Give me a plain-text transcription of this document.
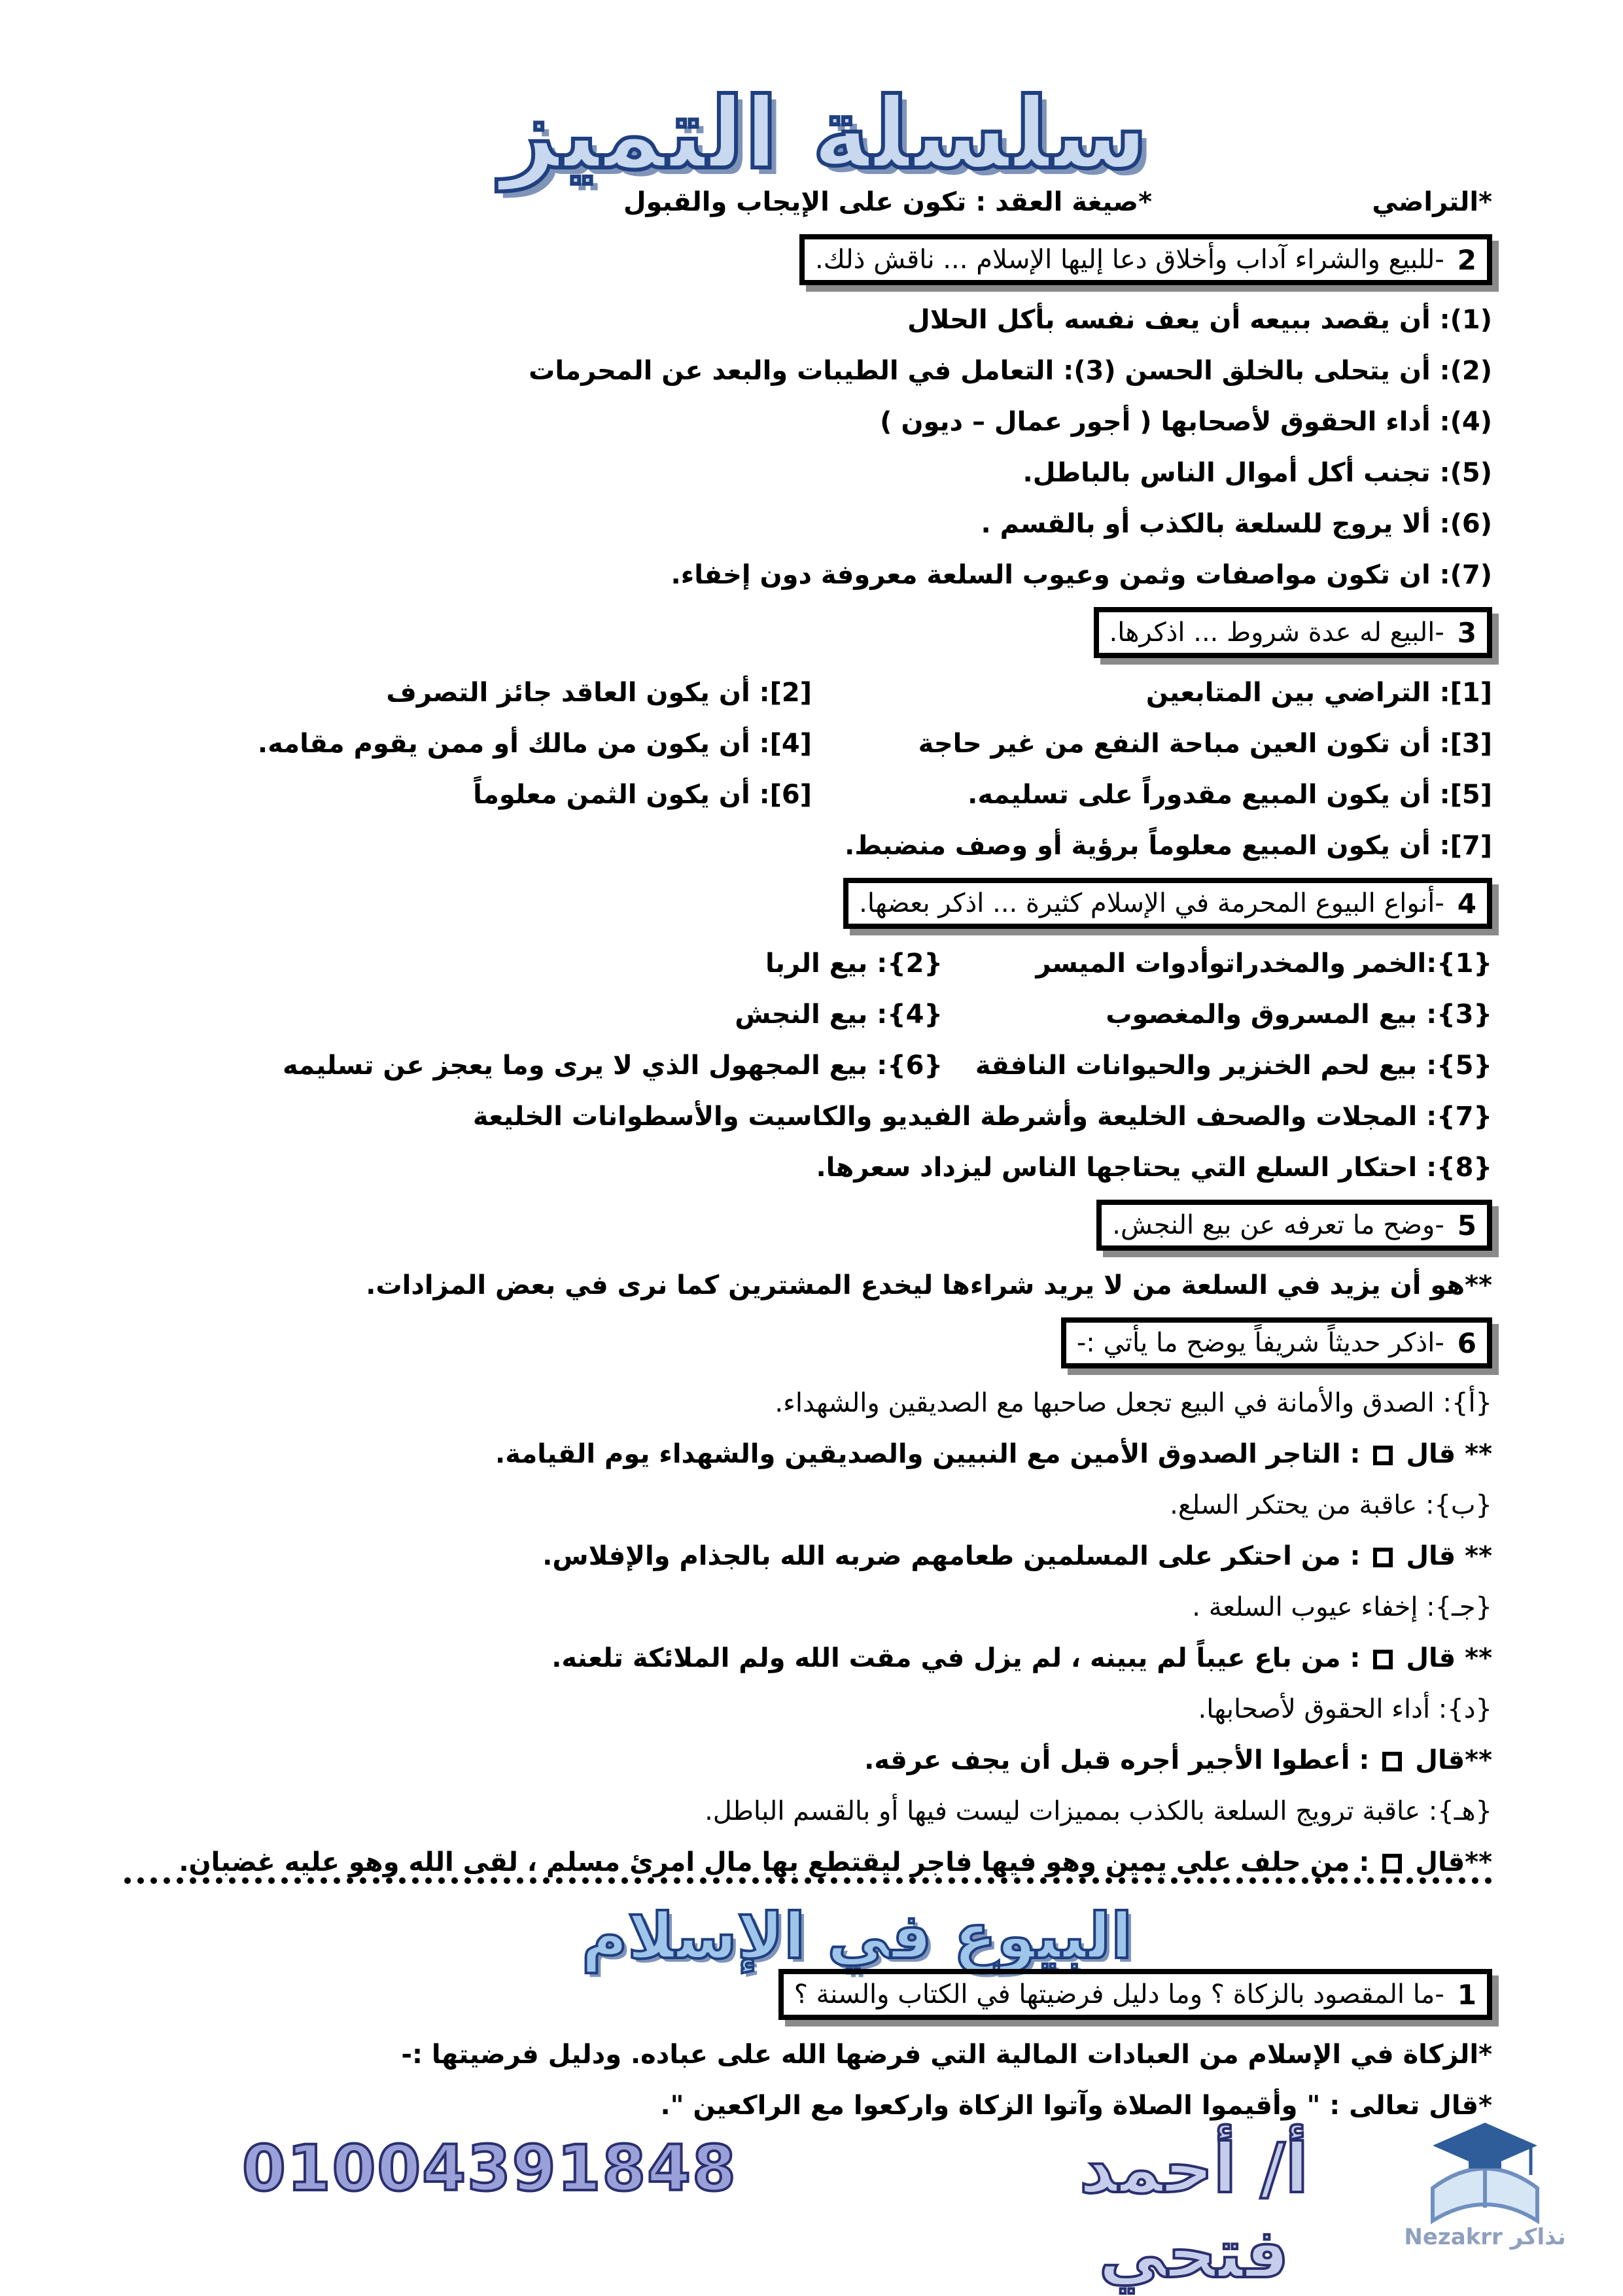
سلسلة التميز
*التراضي
*صيغة العقد : تكون على الإيجاب والقبول
2
-للبيع والشراء آداب وأخلاق دعا إليها الإسلام ... ناقش ذلك.
(1): أن يقصد ببيعه أن يعف نفسه بأكل الحلال
(2): أن يتحلى بالخلق الحسن (3): التعامل في الطيبات والبعد عن المحرمات
(4): أداء الحقوق لأصحابها ( أجور عمال – ديون )
(5): تجنب أكل أموال الناس بالباطل.
(6): ألا يروج للسلعة بالكذب أو بالقسم .
(7): ان تكون مواصفات وثمن وعيوب السلعة معروفة دون إخفاء.
3
-البيع له عدة شروط ... اذكرها.
[1]: التراضي بين المتابعين
[2]: أن يكون العاقد جائز التصرف
[3]: أن تكون العين مباحة النفع من غير حاجة
[4]: أن يكون من مالك أو ممن يقوم مقامه.
[5]: أن يكون المبيع مقدوراً على تسليمه.
[6]: أن يكون الثمن معلوماً
[7]: أن يكون المبيع معلوماً برؤية أو وصف منضبط.
4
-أنواع البيوع المحرمة في الإسلام كثيرة ... اذكر بعضها.
{1}:الخمر والمخدراتوأدوات الميسر
{2}: بيع الربا
{3}: بيع المسروق والمغصوب
{4}: بيع النجش
{5}: بيع لحم الخنزير والحيوانات النافقة
{6}: بيع المجهول الذي لا يرى وما يعجز عن تسليمه
{7}: المجلات والصحف الخليعة وأشرطة الفيديو والكاسيت والأسطوانات الخليعة
{8}: احتكار السلع التي يحتاجها الناس ليزداد سعرها.
5
-وضح ما تعرفه عن بيع النجش.
**هو أن يزيد في السلعة من لا يريد شراءها ليخدع المشترين كما نرى في بعض المزادات.
6
-اذكر حديثاً شريفاً يوضح ما يأتي :-
{أ}: الصدق والأمانة في البيع تجعل صاحبها مع الصديقين والشهداء.
** قال  : التاجر الصدوق الأمين مع النبيين والصديقين والشهداء يوم القيامة.
{ب}: عاقبة من يحتكر السلع.
** قال  : من احتكر على المسلمين طعامهم ضربه الله بالجذام والإفلاس.
{جـ}: إخفاء عيوب السلعة .
** قال  : من باع عيباً لم يبينه ، لم يزل في مقت الله ولم الملائكة تلعنه.
{د}: أداء الحقوق لأصحابها.
**قال  : أعطوا الأجير أجره قبل أن يجف عرقه.
{هـ}: عاقبة ترويج السلعة بالكذب بمميزات ليست فيها أو بالقسم الباطل.
**قال  : من حلف على يمين وهو فيها فاجر ليقتطع بها مال امرئ مسلم ، لقى الله وهو عليه غضبان.
البيوع في الإسلام
1
-ما المقصود بالزكاة ؟ وما دليل فرضيتها في الكتاب والسنة ؟
*الزكاة في الإسلام من العبادات المالية التي فرضها الله على عباده. ودليل فرضيتها :-
*قال تعالى : " وأقيموا الصلاة وآتوا الزكاة واركعوا مع الراكعين ".
01004391848	أ/ أحمد فتحي	Nezakrr نذاكر
